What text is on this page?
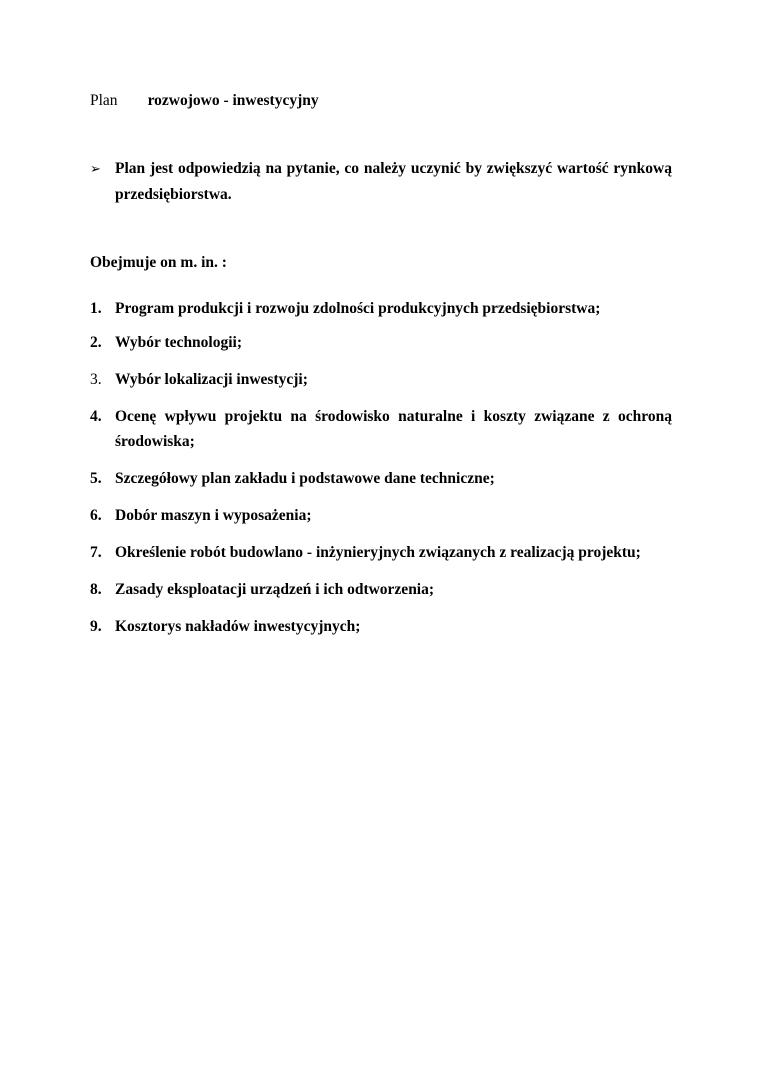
Plan rozwojowo - inwestycyjny

➢ Plan jest odpowiedzią na pytanie, co należy uczynić by zwiększyć wartość rynkową przedsiębiorstwa.

Obejmuje on m. in. :

1. Program produkcji i rozwoju zdolności produkcyjnych przedsiębiorstwa;
2. Wybór technologii;
3. Wybór lokalizacji inwestycji;
4. Ocenę wpływu projektu na środowisko naturalne i koszty związane z ochroną środowiska;
5. Szczegółowy plan zakładu i podstawowe dane techniczne;
6. Dobór maszyn i wyposażenia;
7. Określenie robót budowlano - inżynieryjnych związanych z realizacją projektu;
8. Zasady eksploatacji urządzeń i ich odtworzenia;
9. Kosztorys nakładów inwestycyjnych;
